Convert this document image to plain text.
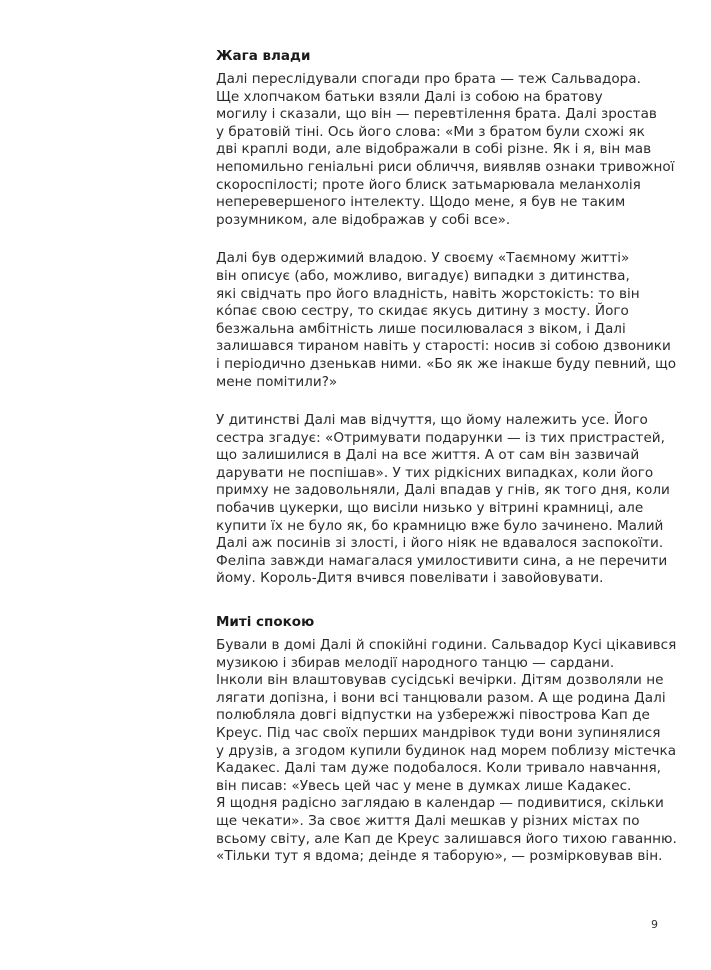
Жага влади
Далі переслідували спогади про брата — теж Сальвадора.
Ще хлопчаком батьки взяли Далі із собою на братову
могилу і сказали, що він — перевтілення брата. Далі зростав
у братовій тіні. Ось його слова: «Ми з братом були схожі як
дві краплі води, але відображали в собі різне. Як і я, він мав
непомильно геніальні риси обличчя, виявляв ознаки тривожної
скороспілості; проте його блиск затьмарювала меланхолія
неперевершеного інтелекту. Щодо мене, я був не таким
розумником, але відображав у собі все».
Далі був одержимий владою. У своєму «Таємному житті»
він описує (або, можливо, вигадує) випадки з дитинства,
які свідчать про його владність, навіть жорстокість: то він
ко́пає свою сестру, то скидає якусь дитину з мосту. Його
безжальна амбітність лише посилювалася з віком, і Далі
залишався тираном навіть у старості: носив зі собою дзвоники
і періодично дзенькав ними. «Бо як же інакше буду певний, що
мене помітили?»
У дитинстві Далі мав відчуття, що йому належить усе. Його
сестра згадує: «Отримувати подарунки — із тих пристрастей,
що залишилися в Далі на все життя. А от сам він зазвичай
дарувати не поспішав». У тих рідкісних випадках, коли його
примху не задовольняли, Далі впадав у гнів, як того дня, коли
побачив цукерки, що висіли низько у вітрині крамниці, але
купити їх не було як, бо крамницю вже було зачинено. Малий
Далі аж посинів зі злості, і його ніяк не вдавалося заспокоїти.
Феліпа завжди намагалася умилостивити сина, а не перечити
йому. Король-Дитя вчився повелівати і завойовувати.
Миті спокою
Бували в домі Далі й спокійні години. Сальвадор Кусі цікавився
музикою і збирав мелодії народного танцю — сардани.
Інколи він влаштовував сусідські вечірки. Дітям дозволяли не
лягати допізна, і вони всі танцювали разом. А ще родина Далі
полюбляла довгі відпустки на узбережжі півострова Кап де
Креус. Під час своїх перших мандрівок туди вони зупинялися
у друзів, а згодом купили будинок над морем поблизу містечка
Кадакес. Далі там дуже подобалося. Коли тривало навчання,
він писав: «Увесь цей час у мене в думках лише Кадакес.
Я щодня радісно заглядаю в календар — подивитися, скільки
ще чекати». За своє життя Далі мешкав у різних містах по
всьому світу, але Кап де Креус залишався його тихою гаванню.
«Тільки тут я вдома; деінде я таборую», — розмірковував він.
9
